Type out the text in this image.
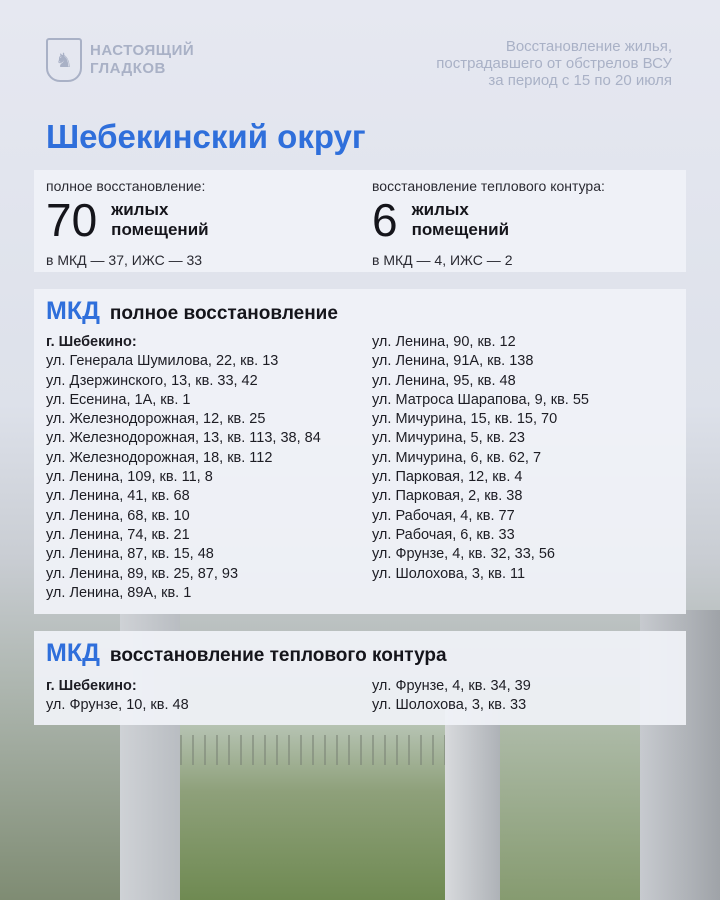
♞	НАСТОЯЩИЙ
ГЛАДКОВ
Восстановление жилья,
пострадавшего от обстрелов ВСУ
за период с 15 по 20 июля
Шебекинский округ
полное восстановление:
70 жилых
помещений
в МКД — 37, ИЖС — 33
восстановление теплового контура:
6 жилых
помещений
в МКД — 4, ИЖС — 2
МКД полное восстановление
г. Шебекино:
ул. Генерала Шумилова, 22, кв. 13
ул. Дзержинского, 13, кв. 33, 42
ул. Есенина, 1А, кв. 1
ул. Железнодорожная, 12, кв. 25
ул. Железнодорожная, 13, кв. 113, 38, 84
ул. Железнодорожная, 18, кв. 112
ул. Ленина, 109, кв. 11, 8
ул. Ленина, 41, кв. 68
ул. Ленина, 68, кв. 10
ул. Ленина, 74, кв. 21
ул. Ленина, 87, кв. 15, 48
ул. Ленина, 89, кв. 25, 87, 93
ул. Ленина, 89А, кв. 1
ул. Ленина, 90, кв. 12
ул. Ленина, 91А, кв. 138
ул. Ленина, 95, кв. 48
ул. Матроса Шарапова, 9, кв. 55
ул. Мичурина, 15, кв. 15, 70
ул. Мичурина, 5, кв. 23
ул. Мичурина, 6, кв. 62, 7
ул. Парковая, 12, кв. 4
ул. Парковая, 2, кв. 38
ул. Рабочая, 4, кв. 77
ул. Рабочая, 6, кв. 33
ул. Фрунзе, 4, кв. 32, 33, 56
ул. Шолохова, 3, кв. 11
МКД восстановление теплового контура
г. Шебекино:
ул. Фрунзе, 10, кв. 48
ул. Фрунзе, 4, кв. 34, 39
ул. Шолохова, 3, кв. 33
